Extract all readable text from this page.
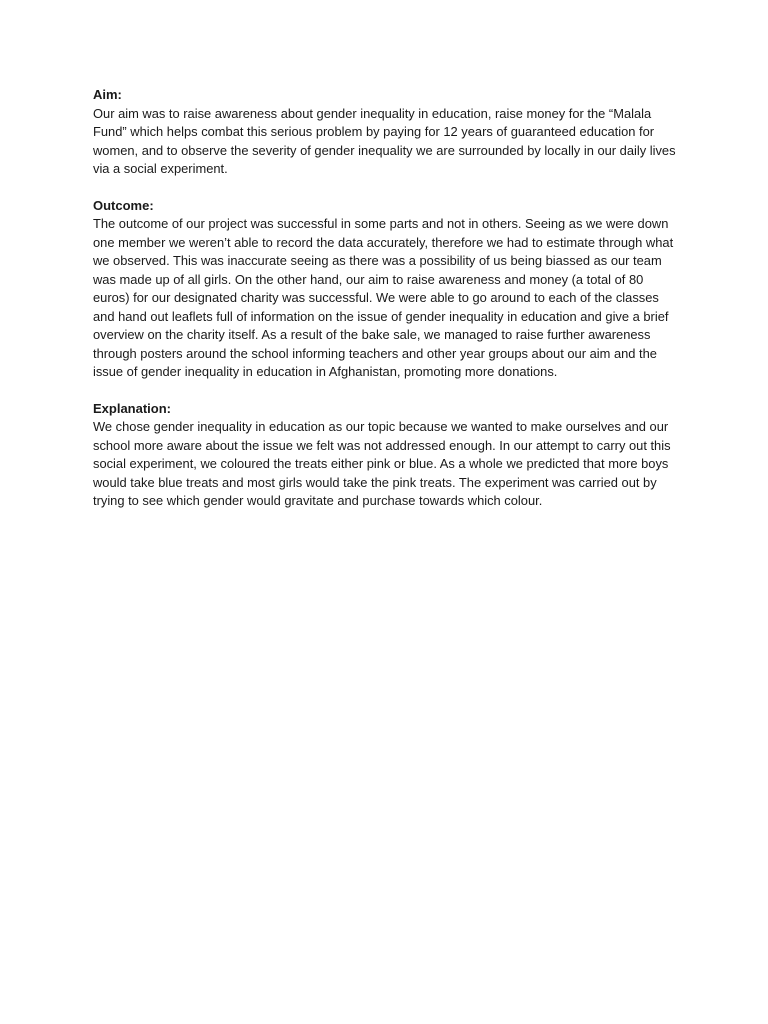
Aim:

Our aim was to raise awareness about gender inequality in education, raise money for the “Malala Fund” which helps combat this serious problem by paying for 12 years of guaranteed education for women, and to observe the severity of gender inequality we are surrounded by locally in our daily lives via a social experiment.

Outcome:

The outcome of our project was successful in some parts and not in others. Seeing as we were down one member we weren’t able to record the data accurately, therefore we had to estimate through what we observed. This was inaccurate seeing as there was a possibility of us being biassed as our team was made up of all girls. On the other hand, our aim to raise awareness and money (a total of 80 euros) for our designated charity was successful. We were able to go around to each of the classes and hand out leaflets full of information on the issue of gender inequality in education and give a brief overview on the charity itself. As a result of the bake sale, we managed to raise further awareness through posters around the school informing teachers and other year groups about our aim and the issue of gender inequality in education in Afghanistan, promoting more donations.

Explanation:

We chose gender inequality in education as our topic because we wanted to make ourselves and our school more aware about the issue we felt was not addressed enough. In our attempt to carry out this social experiment, we coloured the treats either pink or blue. As a whole we predicted that more boys would take blue treats and most girls would take the pink treats. The experiment was carried out by trying to see which gender would gravitate and purchase towards which colour.
